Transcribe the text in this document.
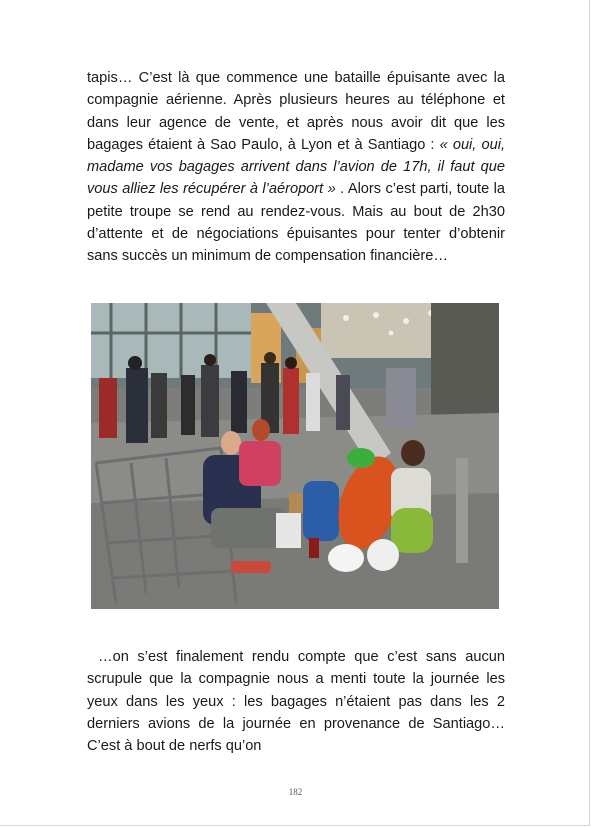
tapis… C’est là que commence une bataille épuisante avec la compagnie aérienne. Après plusieurs heures au téléphone et dans leur agence de vente, et après nous avoir dit que les bagages étaient à Sao Paulo, à Lyon et à Santiago : « oui, oui, madame vos bagages arrivent dans l’avion de 17h, il faut que vous alliez les récupérer à l’aéroport » . Alors c’est parti, toute la petite troupe se rend au rendez-vous. Mais au bout de 2h30 d’attente et de négociations épuisantes pour tenter d’obtenir sans succès un minimum de compensation financière…

…on s’est finalement rendu compte que c’est sans aucun scrupule que la compagnie nous a menti toute la journée les yeux dans les yeux : les bagages n’étaient pas dans les 2 derniers avions de la journée en provenance de Santiago… C’est à bout de nerfs qu’on

182
